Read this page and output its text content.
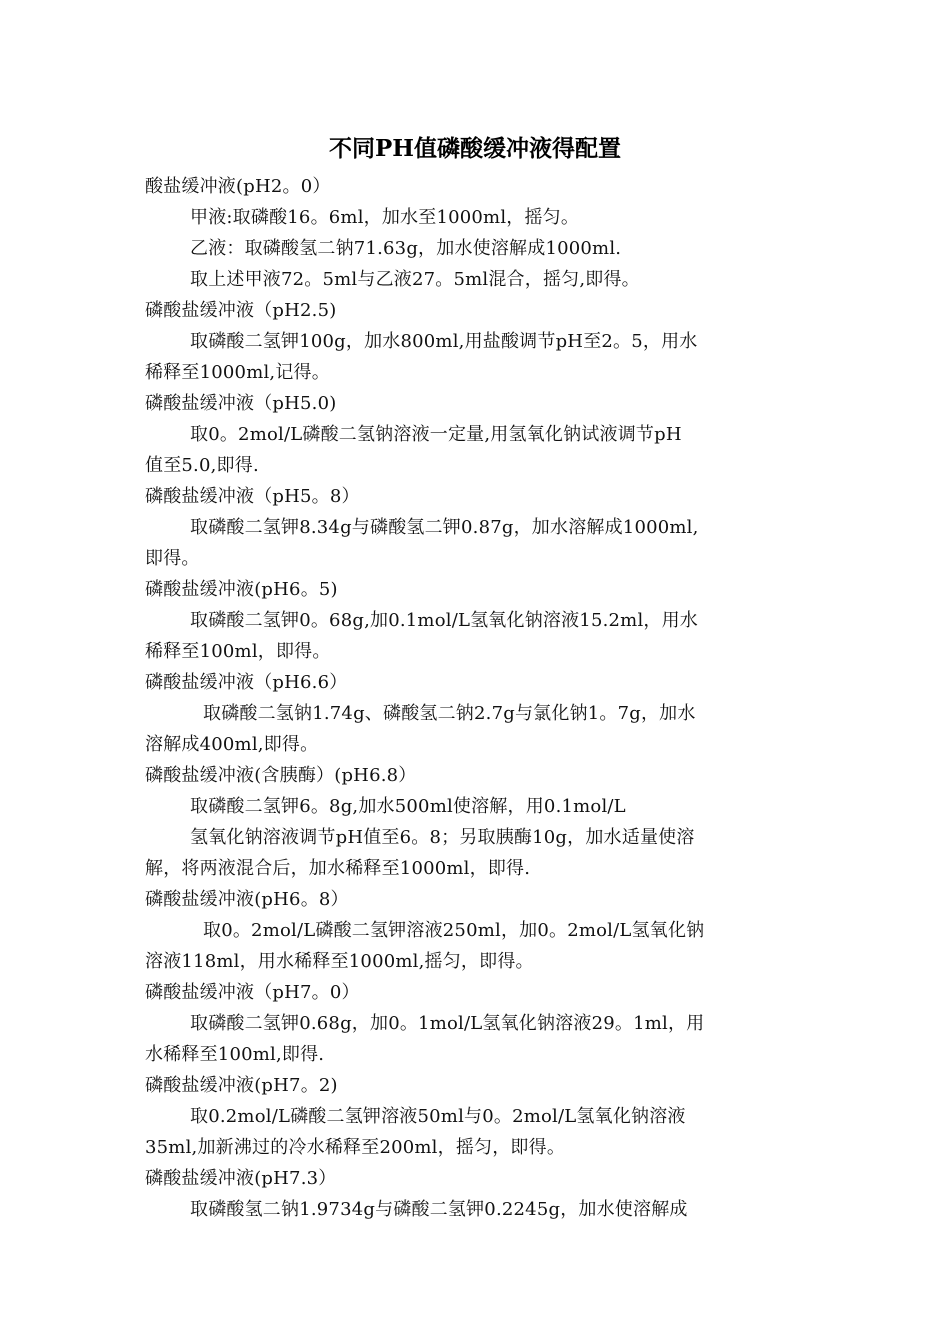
不同PH值磷酸缓冲液得配置
酸盐缓冲液(pH2。0）
甲液:取磷酸16。6ml，加水至1000ml，摇匀。
乙液：取磷酸氢二钠71.63g，加水使溶解成1000ml.
取上述甲液72。5ml与乙液27。5ml混合，摇匀,即得。
磷酸盐缓冲液（pH2.5)
取磷酸二氢钾100g，加水800ml,用盐酸调节pH至2。5，用水
稀释至1000ml,记得。
磷酸盐缓冲液（pH5.0)
取0。2mol/L磷酸二氢钠溶液一定量,用氢氧化钠试液调节pH
值至5.0,即得.
磷酸盐缓冲液（pH5。8）
取磷酸二氢钾8.34g与磷酸氢二钾0.87g，加水溶解成1000ml,
即得。
磷酸盐缓冲液(pH6。5)
取磷酸二氢钾0。68g,加0.1mol/L氢氧化钠溶液15.2ml，用水
稀释至100ml，即得。
磷酸盐缓冲液（pH6.6）
取磷酸二氢钠1.74g、磷酸氢二钠2.7g与氯化钠1。7g，加水
溶解成400ml,即得。
磷酸盐缓冲液(含胰酶）(pH6.8）
取磷酸二氢钾6。8g,加水500ml使溶解，用0.1mol/L
氢氧化钠溶液调节pH值至6。8；另取胰酶10g，加水适量使溶
解，将两液混合后，加水稀释至1000ml，即得.
磷酸盐缓冲液(pH6。8）
取0。2mol/L磷酸二氢钾溶液250ml，加0。2mol/L氢氧化钠
溶液118ml，用水稀释至1000ml,摇匀，即得。
磷酸盐缓冲液（pH7。0）
取磷酸二氢钾0.68g，加0。1mol/L氢氧化钠溶液29。1ml，用
水稀释至100ml,即得.
磷酸盐缓冲液(pH7。2)
取0.2mol/L磷酸二氢钾溶液50ml与0。2mol/L氢氧化钠溶液
35ml,加新沸过的冷水稀释至200ml，摇匀，即得。
磷酸盐缓冲液(pH7.3）
取磷酸氢二钠1.9734g与磷酸二氢钾0.2245g，加水使溶解成
